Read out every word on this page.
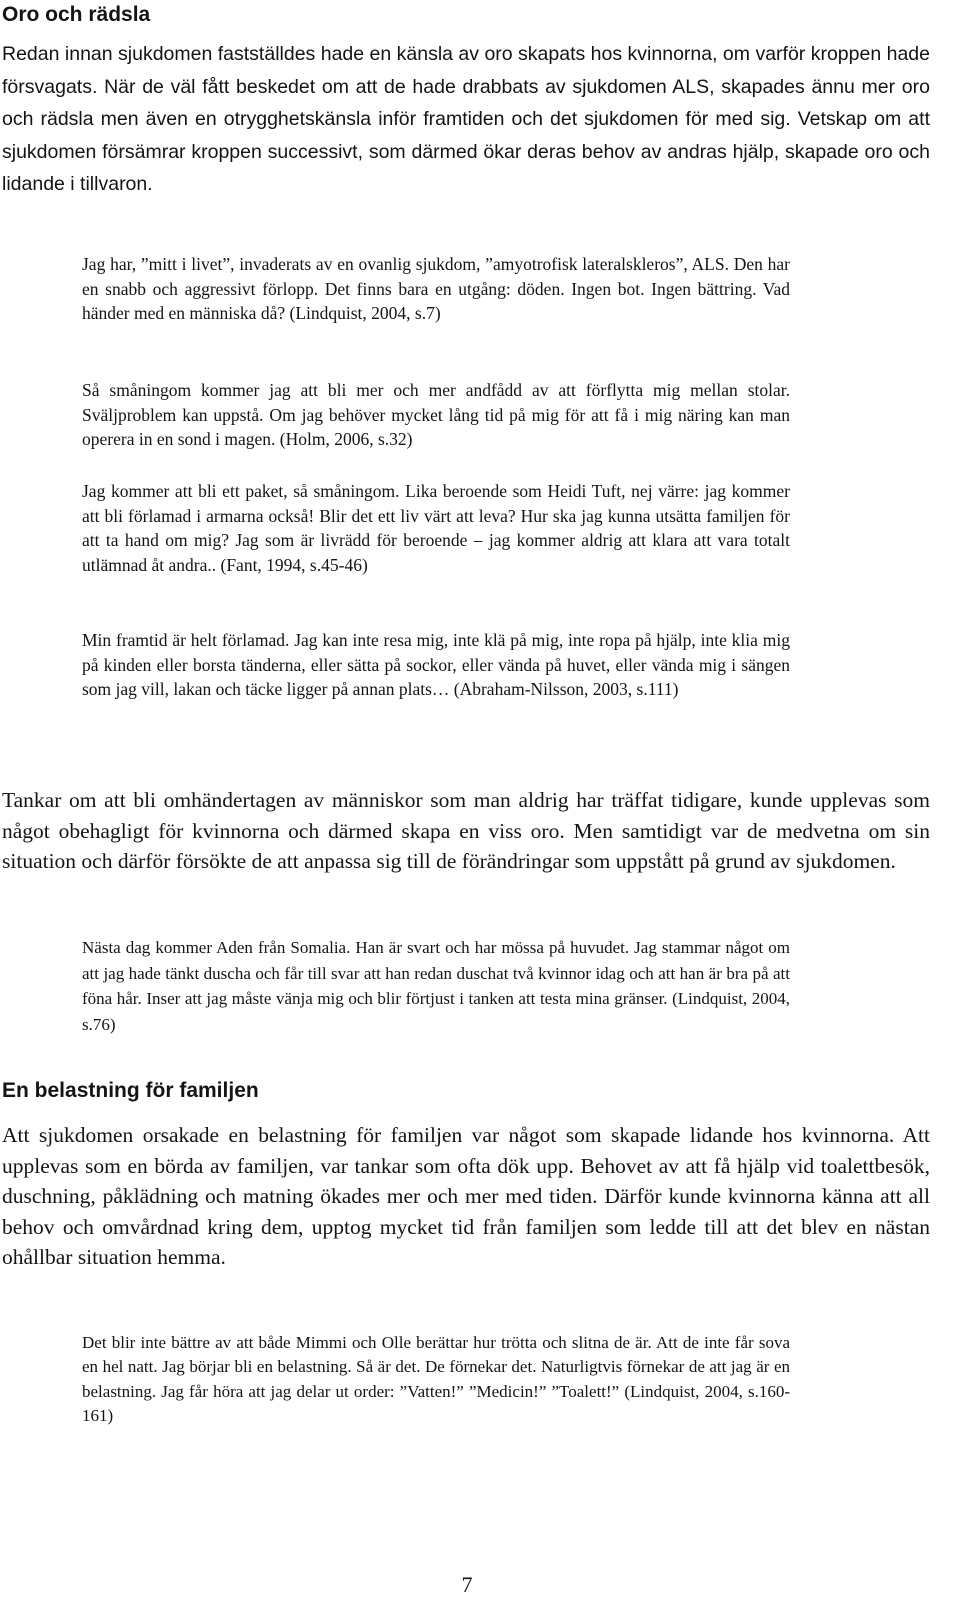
Oro och rädsla

Redan innan sjukdomen fastställdes hade en känsla av oro skapats hos kvinnorna, om varför kroppen hade försvagats. När de väl fått beskedet om att de hade drabbats av sjukdomen ALS, skapades ännu mer oro och rädsla men även en otrygghetskänsla inför framtiden och det sjukdomen för med sig. Vetskap om att sjukdomen försämrar kroppen successivt, som därmed ökar deras behov av andras hjälp, skapade oro och lidande i tillvaron.

Jag har, ”mitt i livet”, invaderats av en ovanlig sjukdom, ”amyotrofisk lateralskleros”, ALS. Den har en snabb och aggressivt förlopp. Det finns bara en utgång: döden. Ingen bot. Ingen bättring. Vad händer med en människa då? (Lindquist, 2004, s.7)

Så småningom kommer jag att bli mer och mer andfådd av att förflytta mig mellan stolar. Sväljproblem kan uppstå. Om jag behöver mycket lång tid på mig för att få i mig näring kan man operera in en sond i magen. (Holm, 2006, s.32)

Jag kommer att bli ett paket, så småningom. Lika beroende som Heidi Tuft, nej värre: jag kommer att bli förlamad i armarna också! Blir det ett liv värt att leva? Hur ska jag kunna utsätta familjen för att ta hand om mig? Jag som är livrädd för beroende – jag kommer aldrig att klara att vara totalt utlämnad åt andra.. (Fant, 1994, s.45-46)

Min framtid är helt förlamad. Jag kan inte resa mig, inte klä på mig, inte ropa på hjälp, inte klia mig på kinden eller borsta tänderna, eller sätta på sockor, eller vända på huvet, eller vända mig i sängen som jag vill, lakan och täcke ligger på annan plats… (Abraham-Nilsson, 2003, s.111)

Tankar om att bli omhändertagen av människor som man aldrig har träffat tidigare, kunde upplevas som något obehagligt för kvinnorna och därmed skapa en viss oro. Men samtidigt var de medvetna om sin situation och därför försökte de att anpassa sig till de förändringar som uppstått på grund av sjukdomen.

Nästa dag kommer Aden från Somalia. Han är svart och har mössa på huvudet. Jag stammar något om att jag hade tänkt duscha och får till svar att han redan duschat två kvinnor idag och att han är bra på att föna hår. Inser att jag måste vänja mig och blir förtjust i tanken att testa mina gränser. (Lindquist, 2004, s.76)

En belastning för familjen

Att sjukdomen orsakade en belastning för familjen var något som skapade lidande hos kvinnorna. Att upplevas som en börda av familjen, var tankar som ofta dök upp. Behovet av att få hjälp vid toalettbesök, duschning, påklädning och matning ökades mer och mer med tiden. Därför kunde kvinnorna känna att all behov och omvårdnad kring dem, upptog mycket tid från familjen som ledde till att det blev en nästan ohållbar situation hemma.

Det blir inte bättre av att både Mimmi och Olle berättar hur trötta och slitna de är. Att de inte får sova en hel natt. Jag börjar bli en belastning. Så är det. De förnekar det. Naturligtvis förnekar de att jag är en belastning. Jag får höra att jag delar ut order: ”Vatten!” ”Medicin!” ”Toalett!” (Lindquist, 2004, s.160-161)

7
